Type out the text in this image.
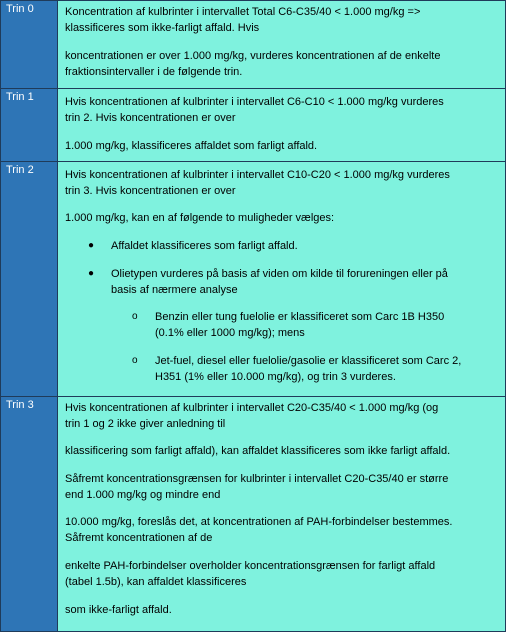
Trin 0	Koncentration af kulbrinter i intervallet Total C6-C35/40 < 1.000 mg/kg =>
klassificeres som ikke-farligt affald. Hvis
koncentrationen er over 1.000 mg/kg, vurderes koncentrationen af de enkelte
fraktionsintervaller i de følgende trin.
Trin 1	Hvis koncentrationen af kulbrinter i intervallet C6-C10 < 1.000 mg/kg vurderes
trin 2. Hvis koncentrationen er over
1.000 mg/kg, klassificeres affaldet som farligt affald.
Trin 2	Hvis koncentrationen af kulbrinter i intervallet C10-C20 < 1.000 mg/kg vurderes
trin 3. Hvis koncentrationen er over
1.000 mg/kg, kan en af følgende to muligheder vælges:
● Affaldet klassificeres som farligt affald.
● Olietypen vurderes på basis af viden om kilde til forureningen eller på
basis af nærmere analyse
o Benzin eller tung fuelolie er klassificeret som Carc 1B H350
(0.1% eller 1000 mg/kg); mens
o Jet-fuel, diesel eller fuelolie/gasolie er klassificeret som Carc 2,
H351 (1% eller 10.000 mg/kg), og trin 3 vurderes.
Trin 3	Hvis koncentrationen af kulbrinter i intervallet C20-C35/40 < 1.000 mg/kg (og
trin 1 og 2 ikke giver anledning til
klassificering som farligt affald), kan affaldet klassificeres som ikke farligt affald.
Såfremt koncentrationsgrænsen for kulbrinter i intervallet C20-C35/40 er større
end 1.000 mg/kg og mindre end
10.000 mg/kg, foreslås det, at koncentrationen af PAH-forbindelser bestemmes.
Såfremt koncentrationen af de
enkelte PAH-forbindelser overholder koncentrationsgrænsen for farligt affald
(tabel 1.5b), kan affaldet klassificeres
som ikke-farligt affald.
